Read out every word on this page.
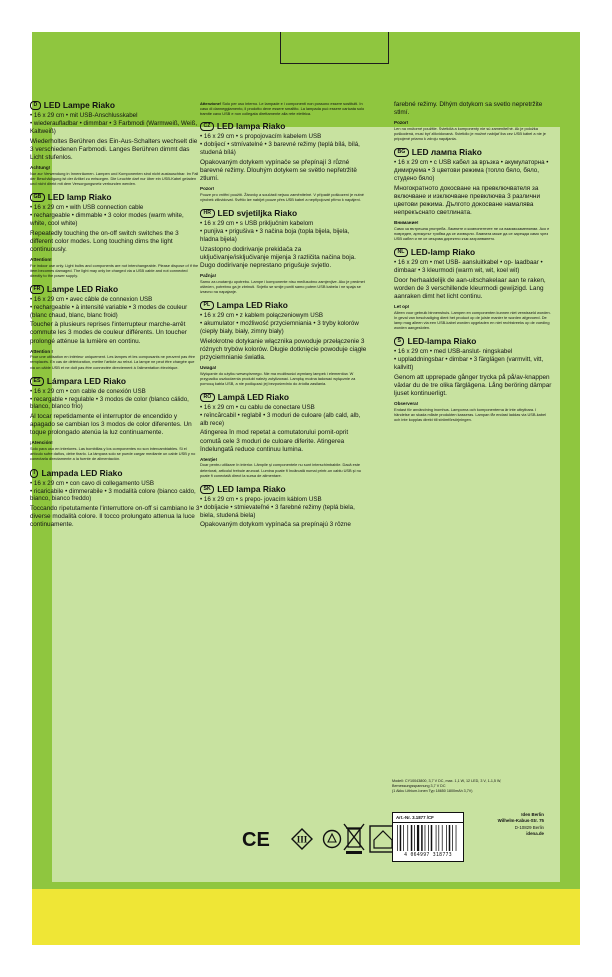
D LED Lampe Riako
• 16 x 29 cm • mit USB-Anschlusskabel
• wiederaufladbar • dimmbar • 3 Farbmodi (Warmweiß, Weiß, Kaltweiß)
Wiederholtes Berühren des Ein-Aus-Schalters wechselt die 3 verschiedenen Farbmodi. Langes Berühren dimmt das Licht stufenlos.
Achtung!
Nur zur Verwendung in Innenräumen. Lampen und Komponenten sind nicht austauschbar. Im Fall der Beschädigung ist der Artikel zu entsorgen. Die Leuchte darf nur über ein USB-Kabel geladen und nicht direkt mit dem Versorgungsnetz verbunden werden.
GB LED lamp Riako
• 16 x 29 cm • with USB connection cable
• rechargeable • dimmable • 3 color modes (warm white, white, cool white)
Repeatedly touching the on-off switch switches the 3 different color modes. Long touching dims the light continuously.
Attention!
For indoor use only. Light bulbs and components are not interchangeable. Please dispose of if the item becomes damaged. The light may only be charged via a USB cable and not connected directly to the power supply.
FR Lampe LED Riako
• 16 x 29 cm • avec câble de connexion USB
• rechargeable • à intensité variable • 3 modes de couleur (blanc chaud, blanc, blanc froid)
Toucher à plusieurs reprises l'interrupteur marche-arrêt commute les 3 modes de couleur différents. Un toucher prolongé atténue la lumière en continu.
Attention !
Pour une utilisation en intérieur uniquement. Les lampes et les composants ne peuvent pas être remplacés. En cas de détérioration, mettre l'article au rebut. La lampe ne peut être chargée que via un câble USB et ne doit pas être connectée directement à l'alimentation électrique.
ES Lámpara LED Riako
• 16 x 29 cm • con cable de conexión USB
• recargable • regulable • 3 modos de color (blanco cálido, blanco, blanco frío)
Al tocar repetidamente el interruptor de encendido y apagado se cambian los 3 modos de color diferentes. Un toque prolongado atenúa la luz continuamente.
¡Atención!
Solo para uso en interiores. Las bombillas y los componentes no son intercambiables. Si el artículo sufre daños, debe tirarlo. La lámpara solo se puede cargar mediante un cable USB y no conectarla directamente a la fuente de alimentación.
I Lampada LED Riako
• 16 x 29 cm • con cavo di collegamento USB
• ricaricabile • dimmerabile • 3 modalità colore (bianco caldo, bianco, bianco freddo)
Toccando ripetutamente l'interruttore on-off si cambiano le 3 diverse modalità colore. Il tocco prolungato attenua la luce continuamente.
Attenzione! Solo per uso interno. Le lampade e i componenti non possono essere sostituiti. In caso di danneggiamento, il prodotto deve essere smaltito. La lampada può essere caricata solo tramite cavo USB e non collegata direttamente alla rete elettrica.
CZ LED lampa Riako
• 16 x 29 cm • s propojovacím kabelem USB
• dobíjecí • stmívatelné • 3 barevné režimy (teplá bílá, bílá, studená bílá)
Opakovaným dotykem vypínače se přepínají 3 různé barevné režimy. Dlouhým dotykem se světlo nepřetržitě ztlumí.
Pozor!
Pouze pro vnitřní použití. Žárovky a součásti nejsou zaměnitelné. V případě poškození je nutné výrobek zlikvidovat. Světlo lze nabíjet pouze přes USB kabel a nepřipojovat přímo k napájení.
HR LED svjetiljka Riako
• 16 x 29 cm • s USB priključnim kabelom
• punjiva • prigušiva • 3 načina boja (topla bijela, bijela, hladna bijela)
Uzastopno dodirivanje prekidača za uključivanje/isključivanje mijenja 3 različita načina boja. Dugo dodirivanje neprestano prigušuje svjetlo.
Pažnja!
Samo za unutarnju upotrebu. Lampe i komponente nisu međusobno zamjenjive. Ako je predmet oštećen, potrebno ga je zbrinuti. Svjetlo se smije puniti samo putem USB kabela i ne spaja se izravno na napajanje.
PL Lampa LED Riako
• 16 x 29 cm • z kablem połączeniowym USB
• akumulator • możliwość przyciemniania • 3 tryby kolorów (ciepły biały, biały, zimny biały)
Wielokrotne dotykanie włącznika powoduje przełączenie 3 różnych trybów kolorów. Długie dotknięcie powoduje ciągłe przyciemnianie światła.
Uwaga!
Wyłącznie do użytku wewnętrznego. Nie ma możliwości wymiany lampek i elementów. W przypadku uszkodzenia produkt należy zutylizować. Lampkę można ładować wyłącznie za pomocą kabla USB, a nie podłączać jej bezpośrednio do źródła zasilania.
RO Lampă LED Riako
• 16 x 29 cm • cu cablu de conectare USB
• reîncărcabil • reglabil • 3 moduri de culoare (alb cald, alb, alb rece)
Atingerea în mod repetat a comutatorului pornit-oprit comută cele 3 moduri de culoare diferite. Atingerea îndelungată reduce continuu lumina.
Atenţie!
Doar pentru utilizare în interior. Lămpile şi componentele nu sunt interschimbabile. Dacă este deteriorat, articolul trebuie aruncat. Lumina poate fi încărcată numai printr-un cablu USB şi nu poate fi conectată direct la sursa de alimentare.
SK LED lampa Riako
• 16 x 29 cm • s prepo- jovacím káblom USB
• dobíjacie • stmievateľné • 3 farebné režimy (teplá biela, biela, studená biela)
Opakovaným dotykom vypínača sa prepínajú 3 rôzne
farebné režimy. Dlhým dotykom sa svetlo nepretržite stlmí.
Pozor!
Len na vnútorné použitie. Svietidlá a komponenty nie sú zameniteľné. Ak je položka poškodená, musí byť zlikvidovaná. Svietidlo je možné nabíjať iba cez USB kábel a nie je pripojené priamo k zdroju napájania.
BG LED лампа Riako
• 16 x 29 cm • с USB кабел за връзка • акумулаторна • димируема • 3 цветови режима (топло бяло, бяло, студено бяло)
Многократното докосване на превключвателя за включване и изключване превключва 3 различни цветови режима. Дългото докосване намалява непрекъснато светлината.
Внимание!
Само за вътрешна употреба. Лампите и компонентите не са взаимозаменяеми. Ако е повреден, артикулът трябва да се изхвърли. Лампата може да се зарежда само чрез USB кабел и не се свързва директно към захранването.
NL LED-lamp Riako
• 16 x 29 cm • met USB- aansluitkabel • op- laadbaar • dimbaar • 3 kleurmodi (warm wit, wit, koel wit)
Door herhaaldelijk de aan-uitschakelaar aan te raken, worden de 3 verschillende kleurmodi gewijzigd. Lang aanraken dimt het licht continu.
Let op!
Alleen voor gebruik binnenshuis. Lampen en componenten kunnen niet verwisseld worden. In geval van beschadiging dient het product op de juiste manier te worden afgevoerd. De lamp mag alleen via een USB-kabel worden opgeladen en niet rechtstreeks op de voeding worden aangesloten.
S LED-lampa Riako
• 16 x 29 cm • med USB-anslut- ningskabel
• uppladdningsbar • dimbar • 3 färglägen (varmvitt, vitt, kallvitt)
Genom att upprepade gånger trycka på på/av-knappen växlar du de tre olika färglägena. Lång beröring dämpar ljuset kontinuerligt.
Observera!
Endast för användning inomhus. Lamporna och komponenterna är inte utbytbara. I händelse av skada måste produkten kasseras. Lampan får endast laddas via USB-kabel och inte kopplas direkt till strömförsörjningen.
Modell: CY10043800, 3,7 V DC, max. 1,1 W, 12 LED, 3 V, 1-1,5 W,
Bemessungsspannung 3,7 V DC
(1 Akku Lithium-Ionen Typ 18650 1800mAh 3,7V)
CE	III
Art.-Nr. 3.1877 /CF
4 064997 318773
Iden Berlin
Wilhelm-Kabus-Str. 75
D-10829 Berlin
idena.de
